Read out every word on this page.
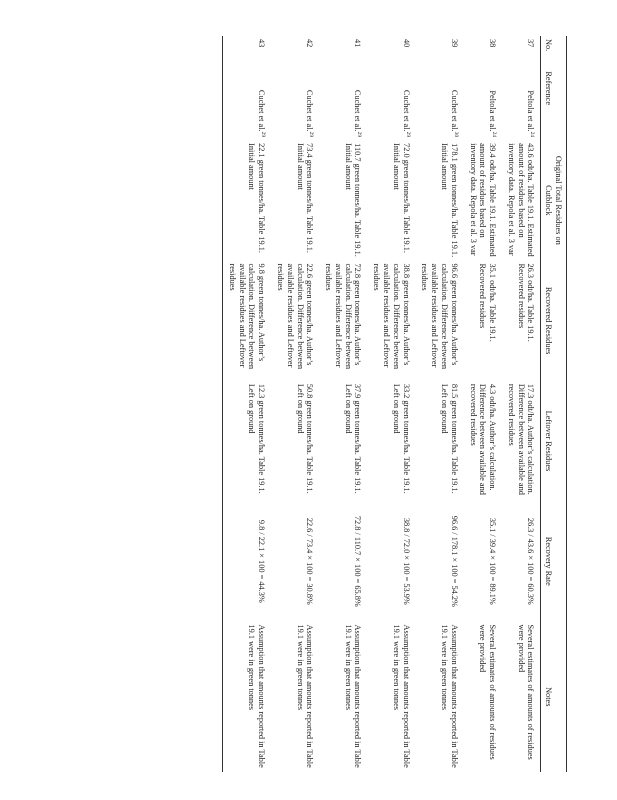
No.	Reference	Original Total Residues on Cutblock	Recovered Residues	Leftover Residues	Recovery Rate	Notes
37	Peltola et al.$^{24}$	43.6 odt/ha. Table 19.1. Estimated amount of residues based on inventory data. Repola et al. 3 var	26.3 odt/ha. Table 19.1. Recovered residues	17.3 odt/ha. Author’s calculation. Difference between available and recovered residues	26.3 / 43.6 × 100 = 60.3%	Several estimates of amounts of residues were provided
38	Peltola et al.$^{24}$	39.4 odt/ha. Table 19.1. Estimated amount of residues based on inventory data. Repola et al. 3 var	35.1 odt/ha. Table 19.1. Recovered residues	4.3 odt/ha. Author’s calculation. Difference between available and recovered residues	35.1 / 39.4 × 100 = 89.1%	Several estimates of amounts of residues were provided
39	Cuchet et al.$^{30}$	178.1 green tonnes/ha. Table 19.1. Initial amount	96.6 green tonnes/ha. Author’s calculation. Difference between available residues and Leftover residues	81.5 green tonnes/ha. Table 19.1. Left on ground	96.6 / 178.1 × 100 = 54.2%	Assumption that amounts reported in Table 19.1 were in green tonnes
40	Cuchet et al.$^{29}$	72.0 green tonnes/ha. Table 19.1. Initial amount	38.8 green tonnes/ha. Author’s calculation. Difference between available residues and Leftover residues	33.2 green tonnes/ha. Table 19.1. Left on ground	38.8 / 72.0 × 100 = 53.9%	Assumption that amounts reported in Table 19.1 were in green tonnes
41	Cuchet et al.$^{29}$	110.7 green tonnes/ha. Table 19.1. Initial amount	72.8 green tonnes/ha. Author’s calculation. Difference between available residues and Leftover residues	37.9 green tonnes/ha. Table 19.1. Left on ground	72.8 / 110.7 × 100 = 65.8%	Assumption that amounts reported in Table 19.1 were in green tonnes
42	Cuchet et al.$^{29}$	73.4 green tonnes/ha. Table 19.1. Initial amount	22.6 green tonnes/ha. Author’s calculation. Difference between available residues and Leftover residues	50.8 green tonnes/ha. Table 19.1. Left on ground	22.6 / 73.4 × 100 = 30.8%	Assumption that amounts reported in Table 19.1 were in green tonnes
43	Cuchet et al.$^{29}$	22.1 green tonnes/ha. Table 19.1. Initial amount	9.8 green tonnes/ha. Author’s calculation. Difference between available residues and Leftover residues	12.3 green tonnes/ha. Table 19.1. Left on ground	9.8 / 22.1 × 100 = 44.3%	Assumption that amounts reported in Table 19.1 were in green tonnes
